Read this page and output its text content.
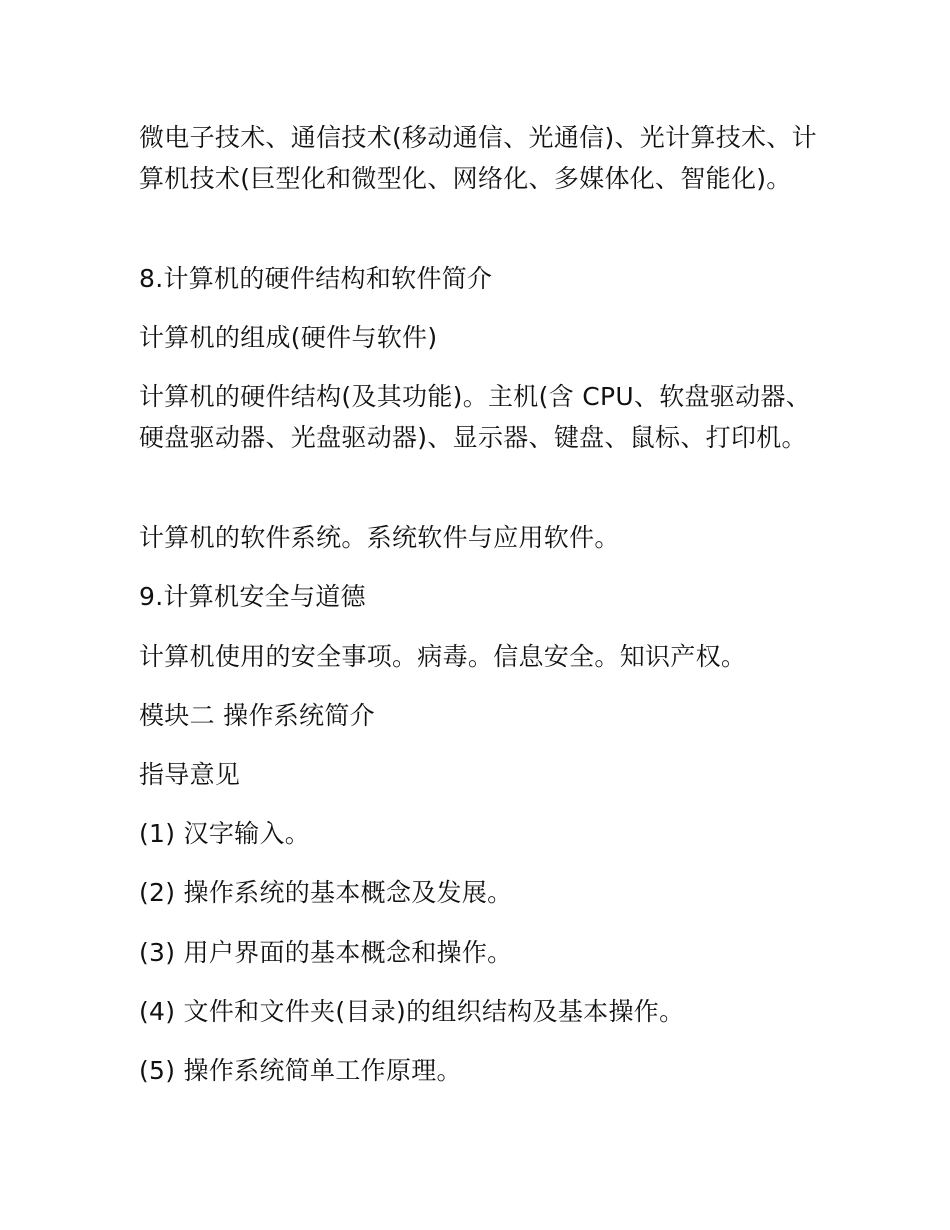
微电子技术、通信技术(移动通信、光通信)、光计算技术、计算机技术(巨型化和微型化、网络化、多媒体化、智能化)。

8.计算机的硬件结构和软件简介

计算机的组成(硬件与软件)

计算机的硬件结构(及其功能)。主机(含 CPU、软盘驱动器、硬盘驱动器、光盘驱动器)、显示器、键盘、鼠标、打印机。

计算机的软件系统。系统软件与应用软件。

9.计算机安全与道德

计算机使用的安全事项。病毒。信息安全。知识产权。

模块二 操作系统简介

指导意见

(1) 汉字输入。

(2) 操作系统的基本概念及发展。

(3) 用户界面的基本概念和操作。

(4) 文件和文件夹(目录)的组织结构及基本操作。

(5) 操作系统简单工作原理。
